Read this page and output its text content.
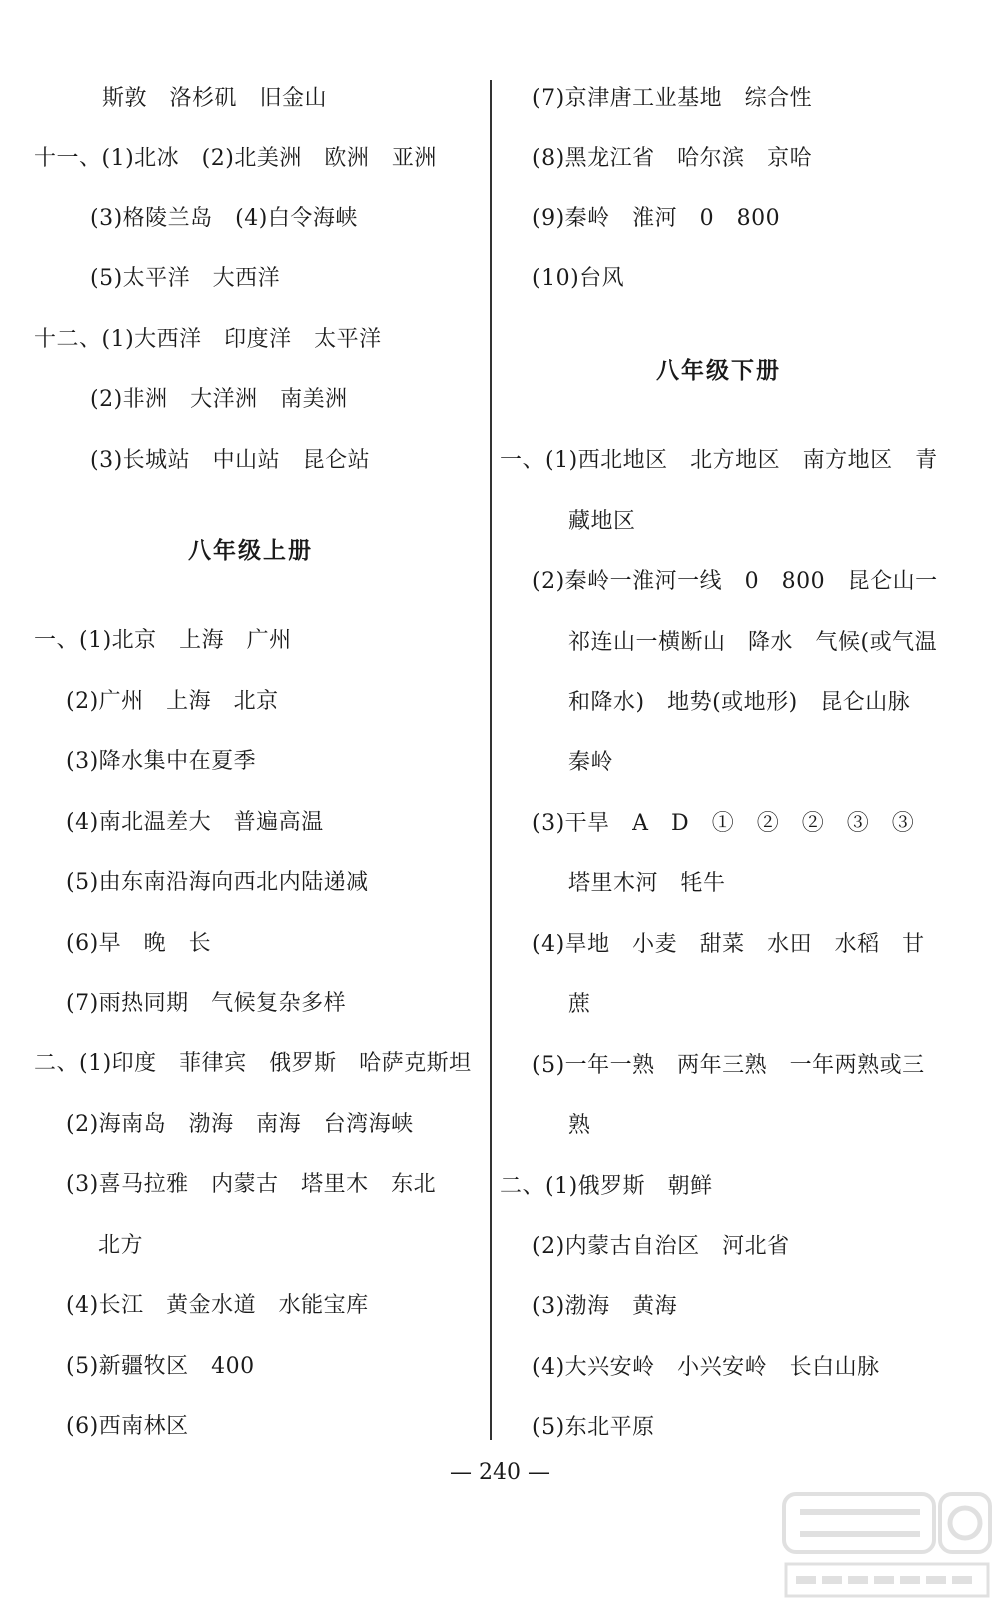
斯敦　洛杉矶　旧金山
十一、(1)北冰　(2)北美洲　欧洲　亚洲
(3)格陵兰岛　(4)白令海峡
(5)太平洋　大西洋
十二、(1)大西洋　印度洋　太平洋
(2)非洲　大洋洲　南美洲
(3)长城站　中山站　昆仑站
八年级上册
一、(1)北京　上海　广州
(2)广州　上海　北京
(3)降水集中在夏季
(4)南北温差大　普遍高温
(5)由东南沿海向西北内陆递减
(6)早　晚　长
(7)雨热同期　气候复杂多样
二、(1)印度　菲律宾　俄罗斯　哈萨克斯坦
(2)海南岛　渤海　南海　台湾海峡
(3)喜马拉雅　内蒙古　塔里木　东北
北方
(4)长江　黄金水道　水能宝库
(5)新疆牧区　400
(6)西南林区
(7)京津唐工业基地　综合性
(8)黑龙江省　哈尔滨　京哈
(9)秦岭　淮河　0　800
(10)台风
八年级下册
一、(1)西北地区　北方地区　南方地区　青
藏地区
(2)秦岭一淮河一线　0　800　昆仑山一
祁连山一横断山　降水　气候(或气温
和降水)　地势(或地形)　昆仑山脉
秦岭
(3)干旱　A　D　①　②　②　③　③
塔里木河　牦牛
(4)旱地　小麦　甜菜　水田　水稻　甘
蔗
(5)一年一熟　两年三熟　一年两熟或三
熟
二、(1)俄罗斯　朝鲜
(2)内蒙古自治区　河北省
(3)渤海　黄海
(4)大兴安岭　小兴安岭　长白山脉
(5)东北平原
— 240 —
